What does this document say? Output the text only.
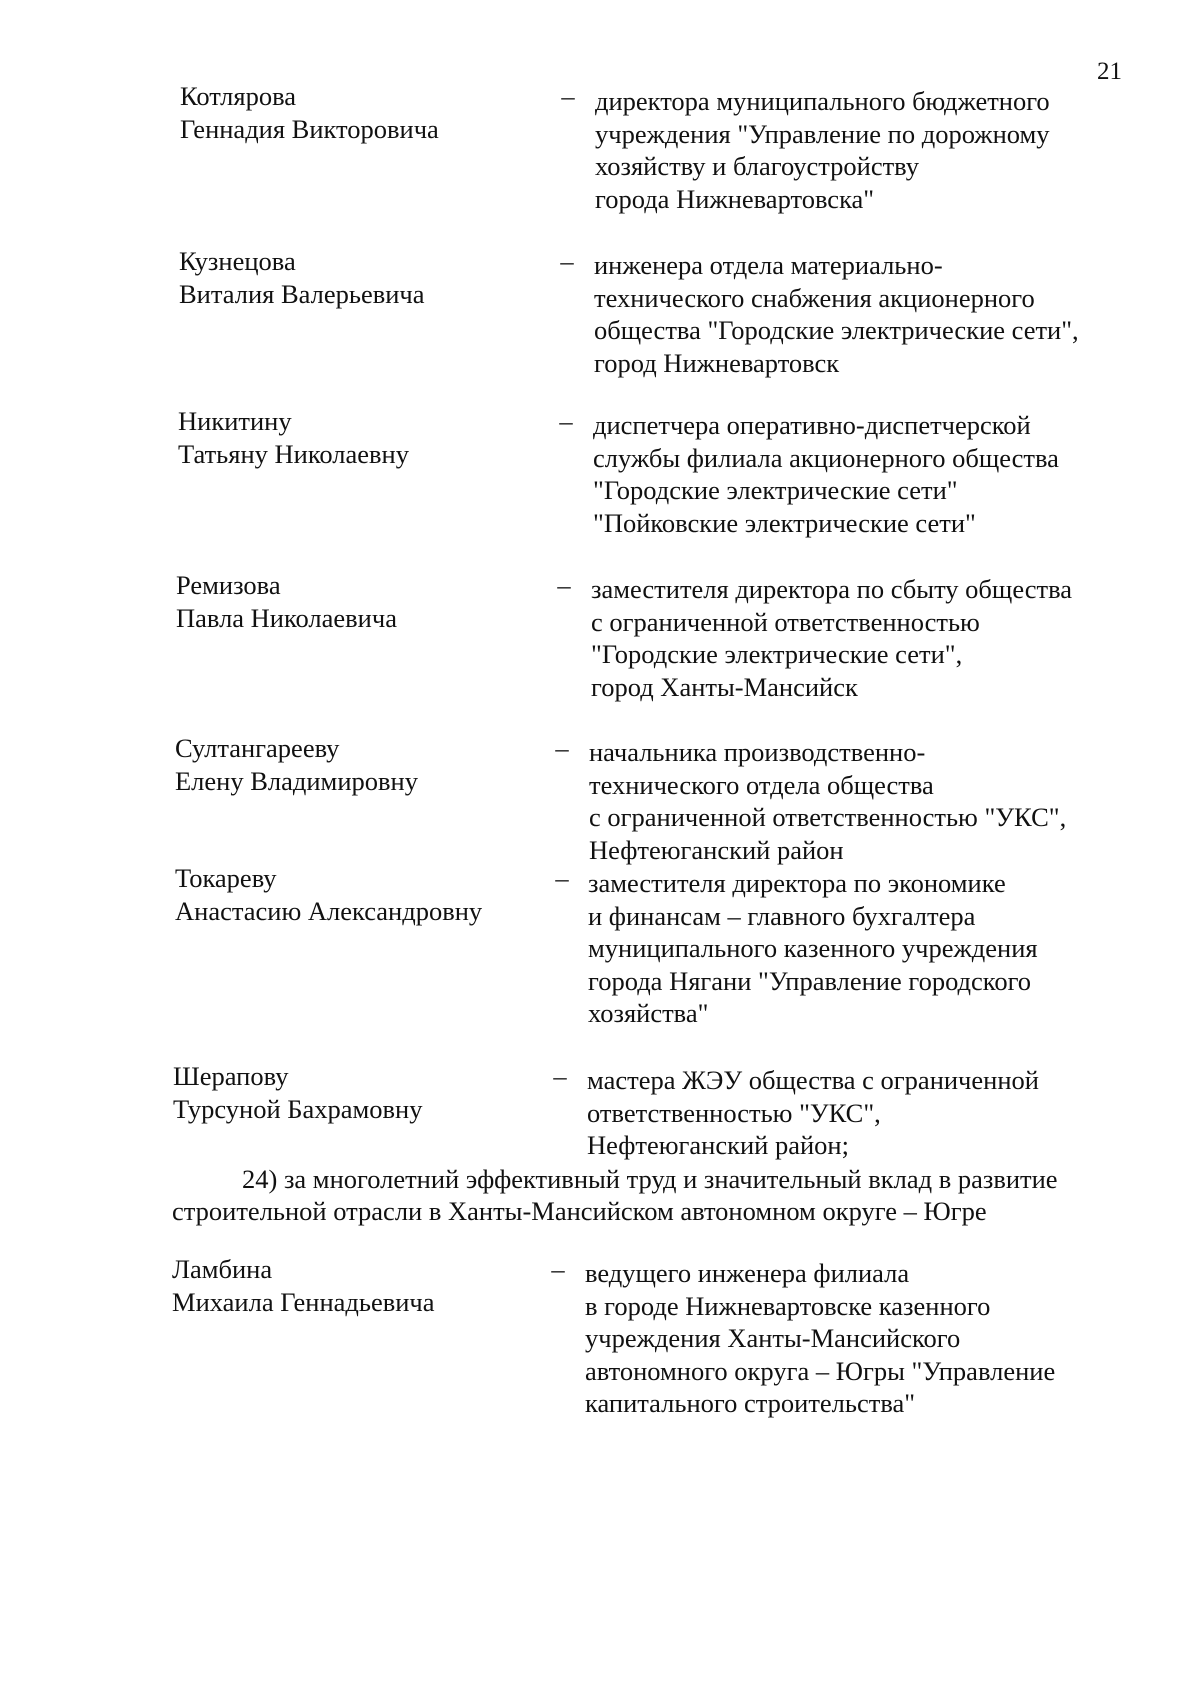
21
Котлярова
Геннадия Викторовича
– директора муниципального бюджетного
учреждения "Управление по дорожному
хозяйству и благоустройству
города Нижневартовска"
Кузнецова
Виталия Валерьевича
– инженера отдела материально-
технического снабжения акционерного
общества "Городские электрические сети",
город Нижневартовск
Никитину
Татьяну Николаевну
– диспетчера оперативно-диспетчерской
службы филиала акционерного общества
"Городские электрические сети"
"Пойковские электрические сети"
Ремизова
Павла Николаевича
– заместителя директора по сбыту общества
с ограниченной ответственностью
"Городские электрические сети",
город Ханты-Мансийск
Султангарееву
Елену Владимировну
– начальника производственно-
технического отдела общества
с ограниченной ответственностью "УКС",
Нефтеюганский район
Токареву
Анастасию Александровну
– заместителя директора по экономике
и финансам – главного бухгалтера
муниципального казенного учреждения
города Нягани "Управление городского
хозяйства"
Шерапову
Турсуной Бахрамовну
– мастера ЖЭУ общества с ограниченной
ответственностью "УКС",
Нефтеюганский район;
24) за многолетний эффективный труд и значительный вклад в развитие
строительной отрасли в Ханты-Мансийском автономном округе – Югре
Ламбина
Михаила Геннадьевича
– ведущего инженера филиала
в городе Нижневартовске казенного
учреждения Ханты-Мансийского
автономного округа – Югры "Управление
капитального строительства"
